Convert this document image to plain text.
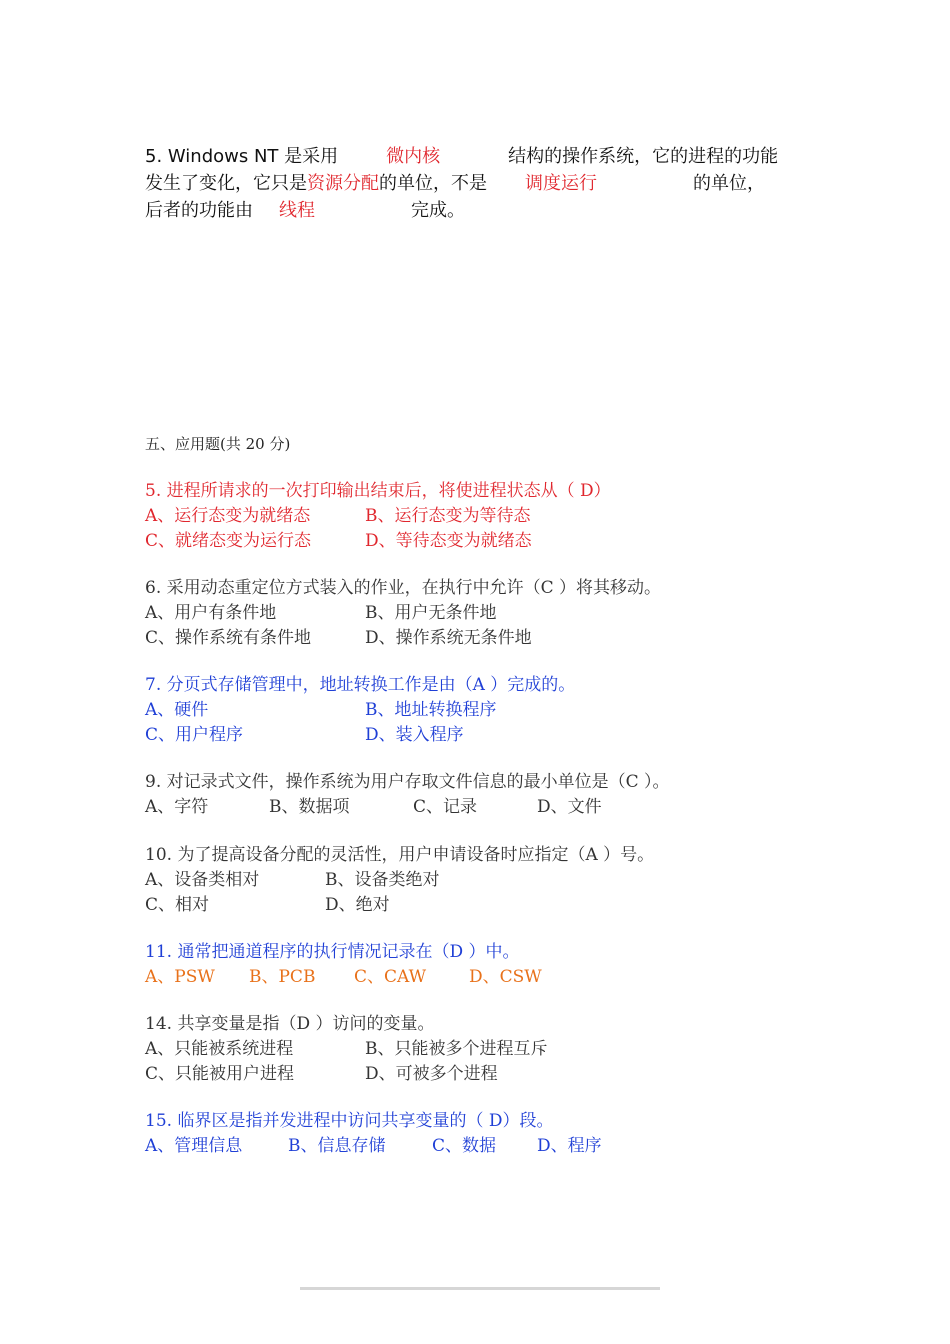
5. Windows NT 是采用	微内核	结构的操作系统，它的进程的功能
发生了变化，它只是资源分配的单位，不是 调度运行	的单位，
后者的功能由 线程	完成。
五、应用题(共 20 分)
5. 进程所请求的一次打印输出结束后，将使进程状态从（ D）
A、运行态变为就绪态	B、运行态变为等待态
C、就绪态变为运行态	D、等待态变为就绪态
6. 采用动态重定位方式装入的作业，在执行中允许（C ）将其移动。
A、用户有条件地	B、用户无条件地
C、操作系统有条件地	D、操作系统无条件地
7. 分页式存储管理中，地址转换工作是由（A ）完成的。
A、硬件	B、地址转换程序
C、用户程序	D、装入程序
9. 对记录式文件，操作系统为用户存取文件信息的最小单位是（C ）。
A、字符	B、数据项	C、记录	D、文件
10. 为了提高设备分配的灵活性，用户申请设备时应指定（A ）号。
A、设备类相对	B、设备类绝对
C、相对	D、绝对
11. 通常把通道程序的执行情况记录在（D ）中。
A、PSW B、PCB C、CAW	D、CSW
14. 共享变量是指（D ）访问的变量。
A、只能被系统进程	B、只能被多个进程互斥
C、只能被用户进程	D、可被多个进程
15. 临界区是指并发进程中访问共享变量的（ D）段。
A、管理信息	B、信息存储	C、数据 D、程序
